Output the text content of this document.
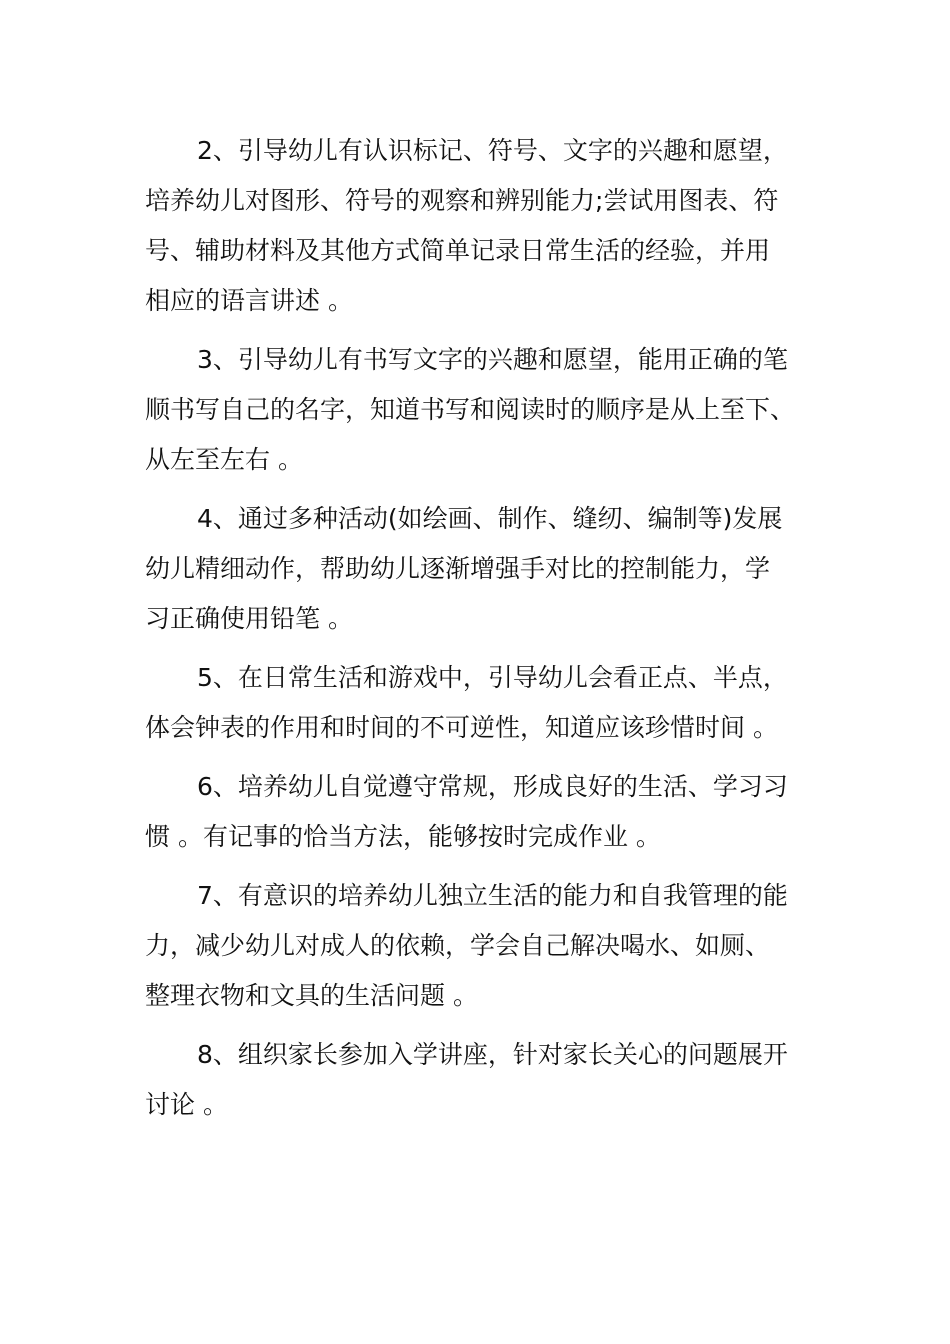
2、引导幼儿有认识标记、符号、文字的兴趣和愿望，
培养幼儿对图形、符号的观察和辨别能力;尝试用图表、符
号、辅助材料及其他方式简单记录日常生活的经验，并用
相应的语言讲述 。

3、引导幼儿有书写文字的兴趣和愿望，能用正确的笔
顺书写自己的名字，知道书写和阅读时的顺序是从上至下、
从左至左右 。

4、通过多种活动(如绘画、制作、缝纫、编制等)发展
幼儿精细动作，帮助幼儿逐渐增强手对比的控制能力，学
习正确使用铅笔 。

5、在日常生活和游戏中，引导幼儿会看正点、半点，
体会钟表的作用和时间的不可逆性，知道应该珍惜时间 。

6、培养幼儿自觉遵守常规，形成良好的生活、学习习
惯 。有记事的恰当方法，能够按时完成作业 。

7、有意识的培养幼儿独立生活的能力和自我管理的能
力，减少幼儿对成人的依赖，学会自己解决喝水、如厕、
整理衣物和文具的生活问题 。

8、组织家长参加入学讲座，针对家长关心的问题展开
讨论 。
